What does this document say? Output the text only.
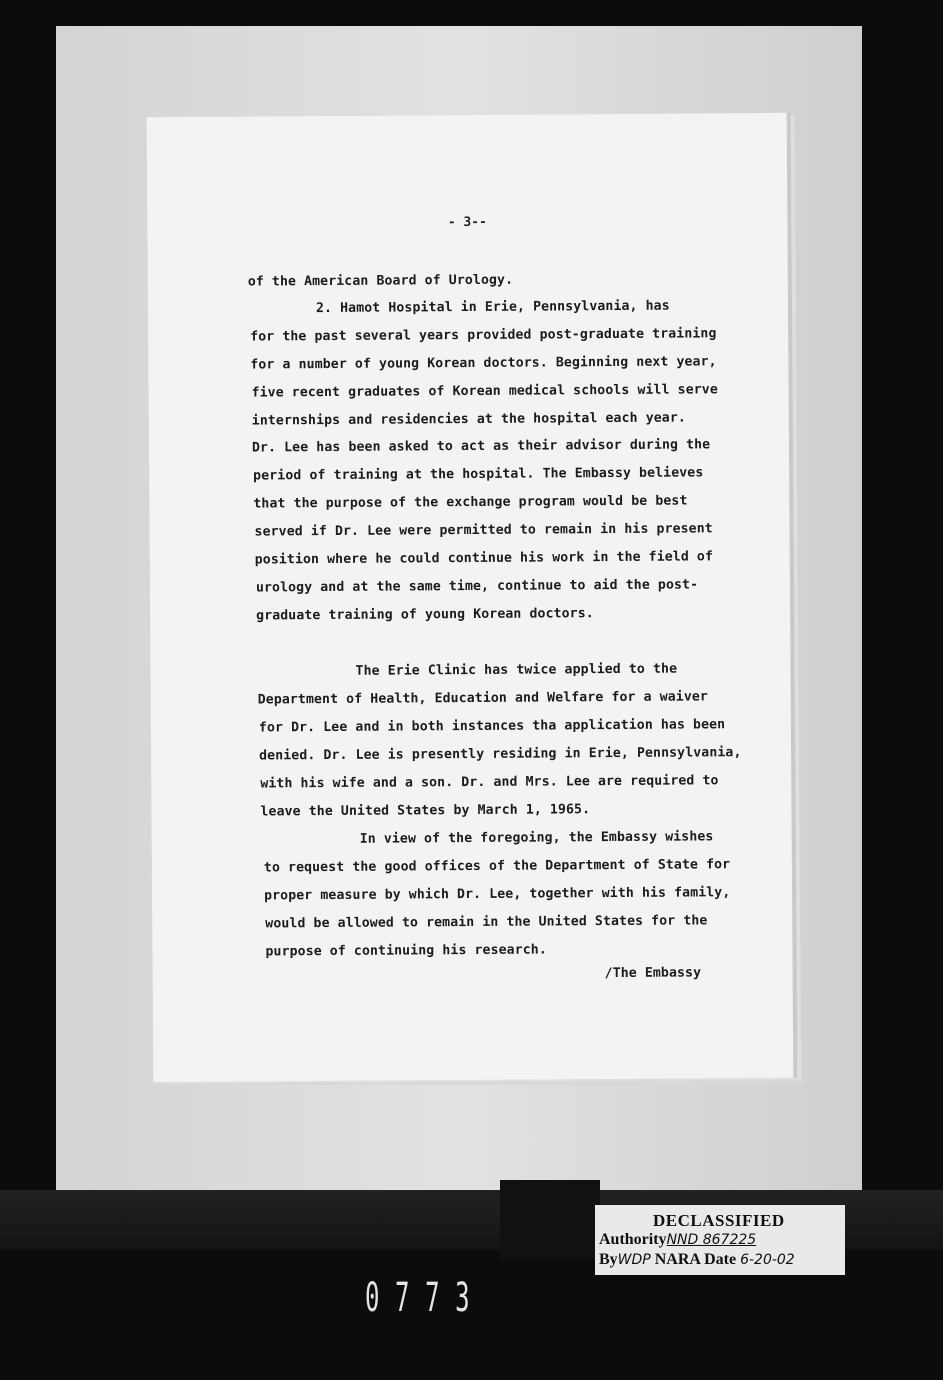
- 3--
of the American Board of Urology.
2. Hamot Hospital in Erie, Pennsylvania, has
for the past several years provided post-graduate training
for a number of young Korean doctors. Beginning next year,
five recent graduates of Korean medical schools will serve
internships and residencies at the hospital each year.
Dr. Lee has been asked to act as their advisor during the
period of training at the hospital. The Embassy believes
that the purpose of the exchange program would be best
served if Dr. Lee were permitted to remain in his present
position where he could continue his work in the field of
urology and at the same time, continue to aid the post-
graduate training of young Korean doctors.
The Erie Clinic has twice applied to the
Department of Health, Education and Welfare for a waiver
for Dr. Lee and in both instances tha application has been
denied. Dr. Lee is presently residing in Erie, Pennsylvania,
with his wife and a son. Dr. and Mrs. Lee are required to
leave the United States by March 1, 1965.
In view of the foregoing, the Embassy wishes
to request the good offices of the Department of State for
proper measure by which Dr. Lee, together with his family,
would be allowed to remain in the United States for the
purpose of continuing his research.
/The Embassy
DECLASSIFIED
AuthorityNND 867225
ByWDP NARA Date 6-20-02
0773
